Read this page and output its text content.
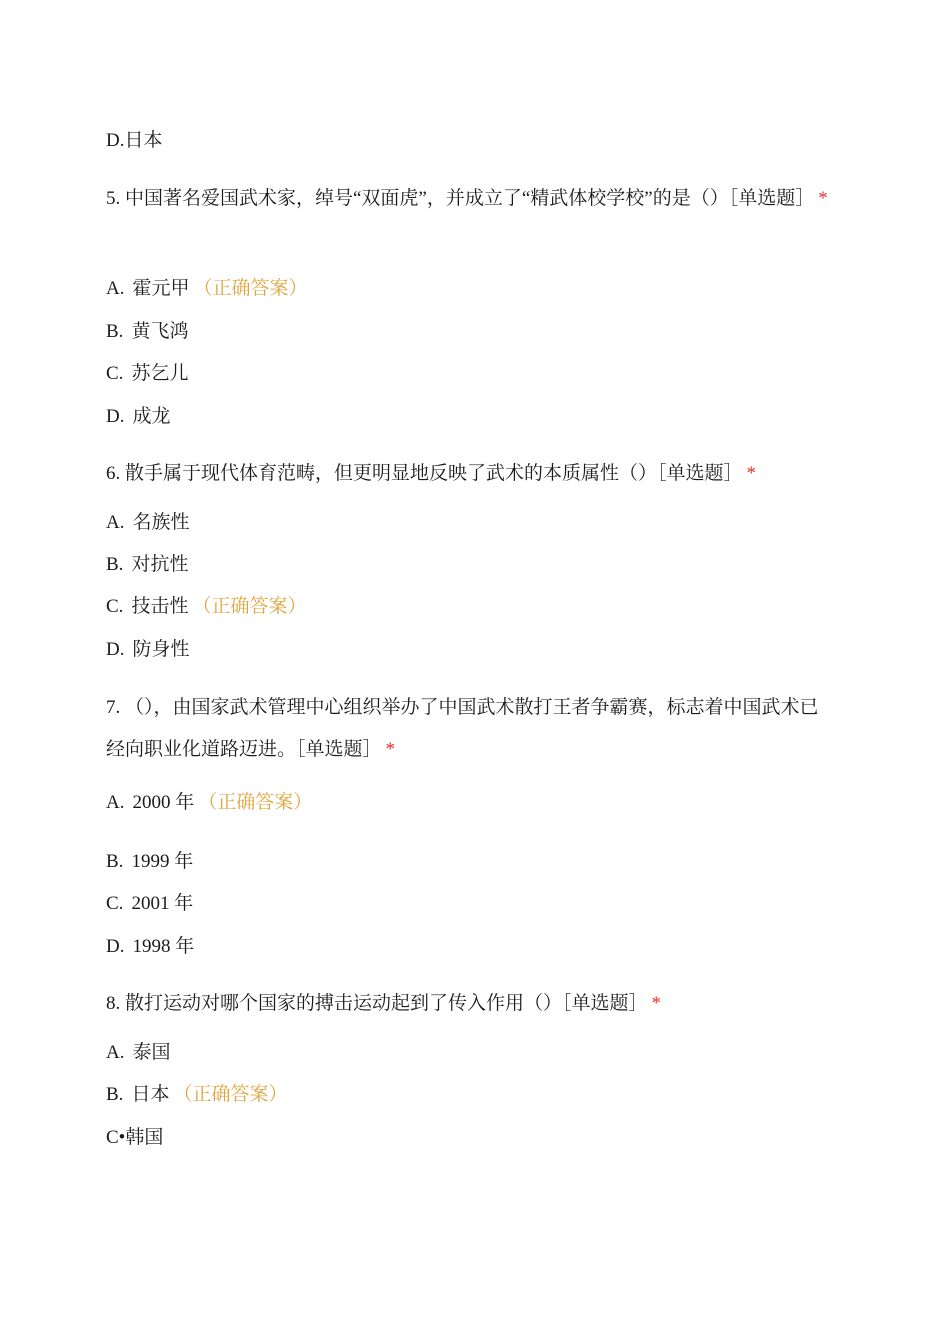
D.日本
5. 中国著名爱国武术家，绰号“双面虎”，并成立了“精武体校学校”的是（）［单选题］ *
A. 霍元甲 （正确答案）
B. 黄飞鸿
C. 苏乞儿
D. 成龙
6. 散手属于现代体育范畴，但更明显地反映了武术的本质属性（）［单选题］ *
A. 名族性
B. 对抗性
C. 技击性 （正确答案）
D. 防身性
7. （），由国家武术管理中心组织举办了中国武术散打王者争霸赛，标志着中国武术已经向职业化道路迈进。［单选题］ *
A. 2000 年 （正确答案）
B. 1999 年
C. 2001 年
D. 1998 年
8. 散打运动对哪个国家的搏击运动起到了传入作用（）［单选题］ *
A. 泰国
B. 日本 （正确答案）
C•韩国
